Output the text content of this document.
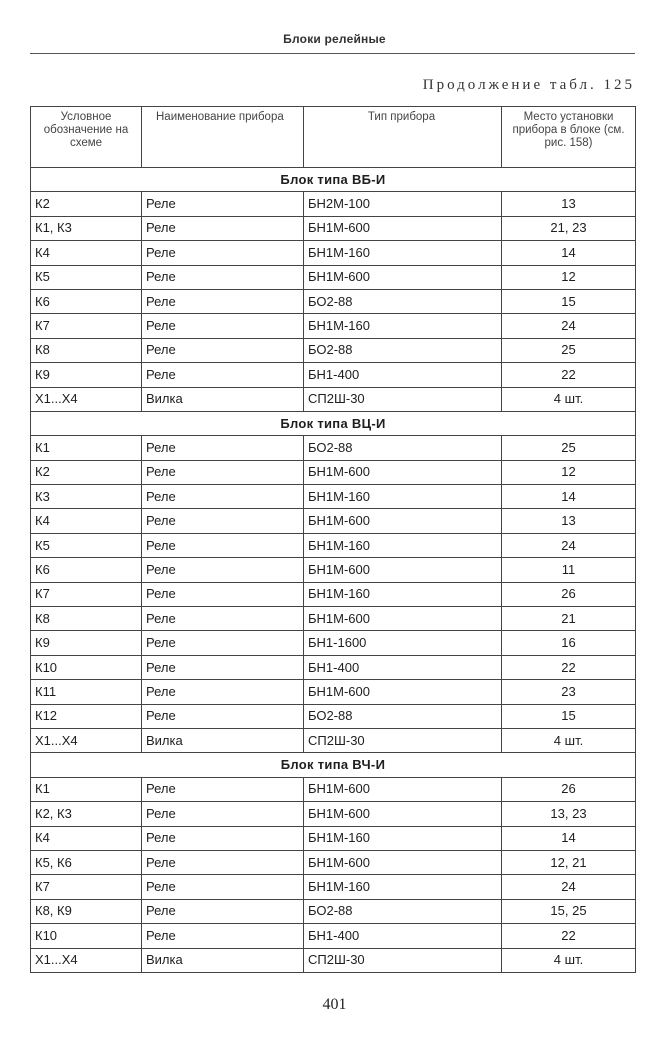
Блоки релейные
Продолжение табл. 125
Условное обозначение на схеме	Наименование прибора	Тип прибора	Место установки прибора в блоке (см. рис. 158)
Блок типа ВБ-И			
К2	Реле	БН2М-100	13
К1, К3	Реле	БН1М-600	21, 23
К4	Реле	БН1М-160	14
К5	Реле	БН1М-600	12
К6	Реле	БО2-88	15
К7	Реле	БН1М-160	24
К8	Реле	БО2-88	25
К9	Реле	БН1-400	22
Х1...Х4	Вилка	СП2Ш-30	4 шт.
Блок типа ВЦ-И			
К1	Реле	БО2-88	25
К2	Реле	БН1М-600	12
К3	Реле	БН1М-160	14
К4	Реле	БН1М-600	13
К5	Реле	БН1М-160	24
К6	Реле	БН1М-600	11
К7	Реле	БН1М-160	26
К8	Реле	БН1М-600	21
К9	Реле	БН1-1600	16
К10	Реле	БН1-400	22
К11	Реле	БН1М-600	23
К12	Реле	БО2-88	15
Х1...Х4	Вилка	СП2Ш-30	4 шт.
Блок типа ВЧ-И			
К1	Реле	БН1М-600	26
К2, К3	Реле	БН1М-600	13, 23
К4	Реле	БН1М-160	14
К5, К6	Реле	БН1М-600	12, 21
К7	Реле	БН1М-160	24
К8, К9	Реле	БО2-88	15, 25
К10	Реле	БН1-400	22
Х1...Х4	Вилка	СП2Ш-30	4 шт.
401
